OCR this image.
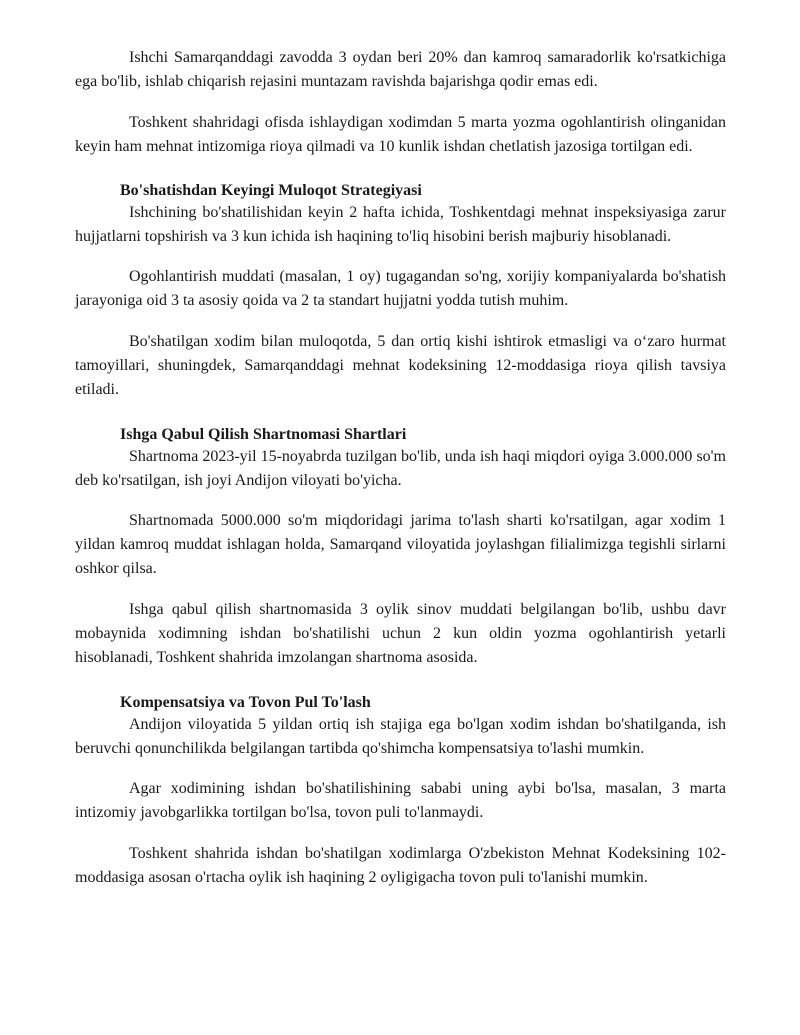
Ishchi Samarqanddagi zavodda 3 oydan beri 20% dan kamroq samaradorlik ko'rsatkichiga ega bo'lib, ishlab chiqarish rejasini muntazam ravishda bajarishga qodir emas edi.

Toshkent shahridagi ofisda ishlaydigan xodimdan 5 marta yozma ogohlantirish olinganidan keyin ham mehnat intizomiga rioya qilmadi va 10 kunlik ishdan chetlatish jazosiga tortilgan edi.

Bo'shatishdan Keyingi Muloqot Strategiyasi

Ishchining bo'shatilishidan keyin 2 hafta ichida, Toshkentdagi mehnat inspeksiyasiga zarur hujjatlarni topshirish va 3 kun ichida ish haqining to'liq hisobini berish majburiy hisoblanadi.

Ogohlantirish muddati (masalan, 1 oy) tugagandan so'ng, xorijiy kompaniyalarda bo'shatish jarayoniga oid 3 ta asosiy qoida va 2 ta standart hujjatni yodda tutish muhim.

Bo'shatilgan xodim bilan muloqotda, 5 dan ortiq kishi ishtirok etmasligi va o‘zaro hurmat tamoyillari, shuningdek, Samarqanddagi mehnat kodeksining 12-moddasiga rioya qilish tavsiya etiladi.

Ishga Qabul Qilish Shartnomasi Shartlari

Shartnoma 2023-yil 15-noyabrda tuzilgan bo'lib, unda ish haqi miqdori oyiga 3.000.000 so'm deb ko'rsatilgan, ish joyi Andijon viloyati bo'yicha.

Shartnomada 5000.000 so'm miqdoridagi jarima to'lash sharti ko'rsatilgan, agar xodim 1 yildan kamroq muddat ishlagan holda, Samarqand viloyatida joylashgan filialimizga tegishli sirlarni oshkor qilsa.

Ishga qabul qilish shartnomasida 3 oylik sinov muddati belgilangan bo'lib, ushbu davr mobaynida xodimning ishdan bo'shatilishi uchun 2 kun oldin yozma ogohlantirish yetarli hisoblanadi, Toshkent shahrida imzolangan shartnoma asosida.

Kompensatsiya va Tovon Pul To'lash

Andijon viloyatida 5 yildan ortiq ish stajiga ega bo'lgan xodim ishdan bo'shatilganda, ish beruvchi qonunchilikda belgilangan tartibda qo'shimcha kompensatsiya to'lashi mumkin.

Agar xodimining ishdan bo'shatilishining sababi uning aybi bo'lsa, masalan, 3 marta intizomiy javobgarlikka tortilgan bo'lsa, tovon puli to'lanmaydi.

Toshkent shahrida ishdan bo'shatilgan xodimlarga O'zbekiston Mehnat Kodeksining 102-moddasiga asosan o'rtacha oylik ish haqining 2 oyligigacha tovon puli to'lanishi mumkin.
